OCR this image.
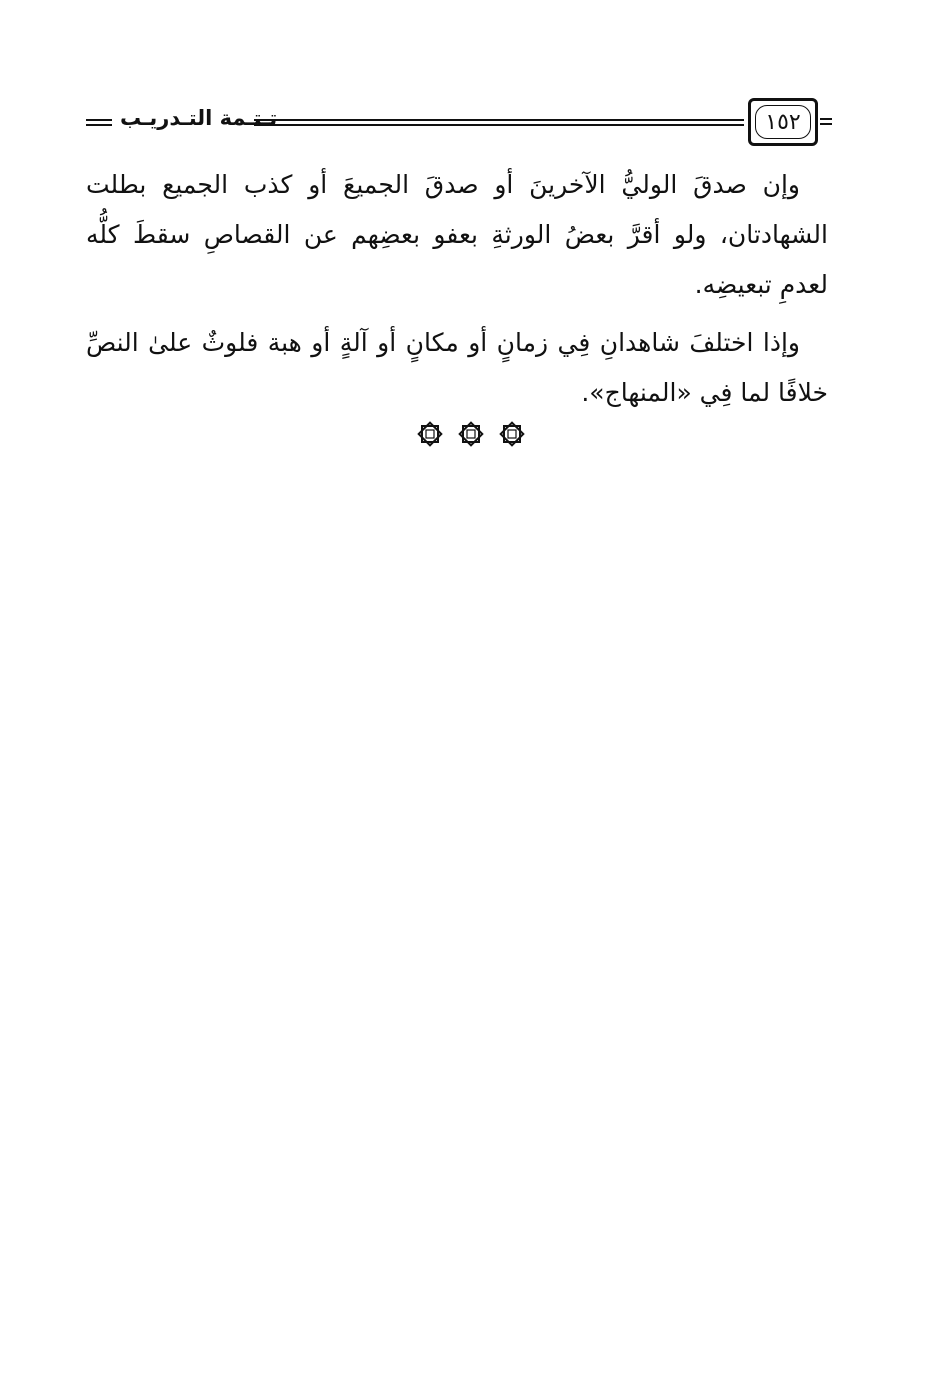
تـتـمة التـدريـب	١٥٢

وإن صدقَ الوليُّ الآخرينَ أو صدقَ الجميعَ أو كذب الجميع بطلت الشهادتان، ولو أقرَّ بعضُ الورثةِ بعفو بعضِهم عن القصاصِ سقطَ كلُّه لعدمِ تبعيضِه.

وإذا اختلفَ شاهدانِ فِي زمانٍ أو مكانٍ أو آلةٍ أو هبة فلوثٌ علىٰ النصِّ خلافًا لما فِي «المنهاج».
